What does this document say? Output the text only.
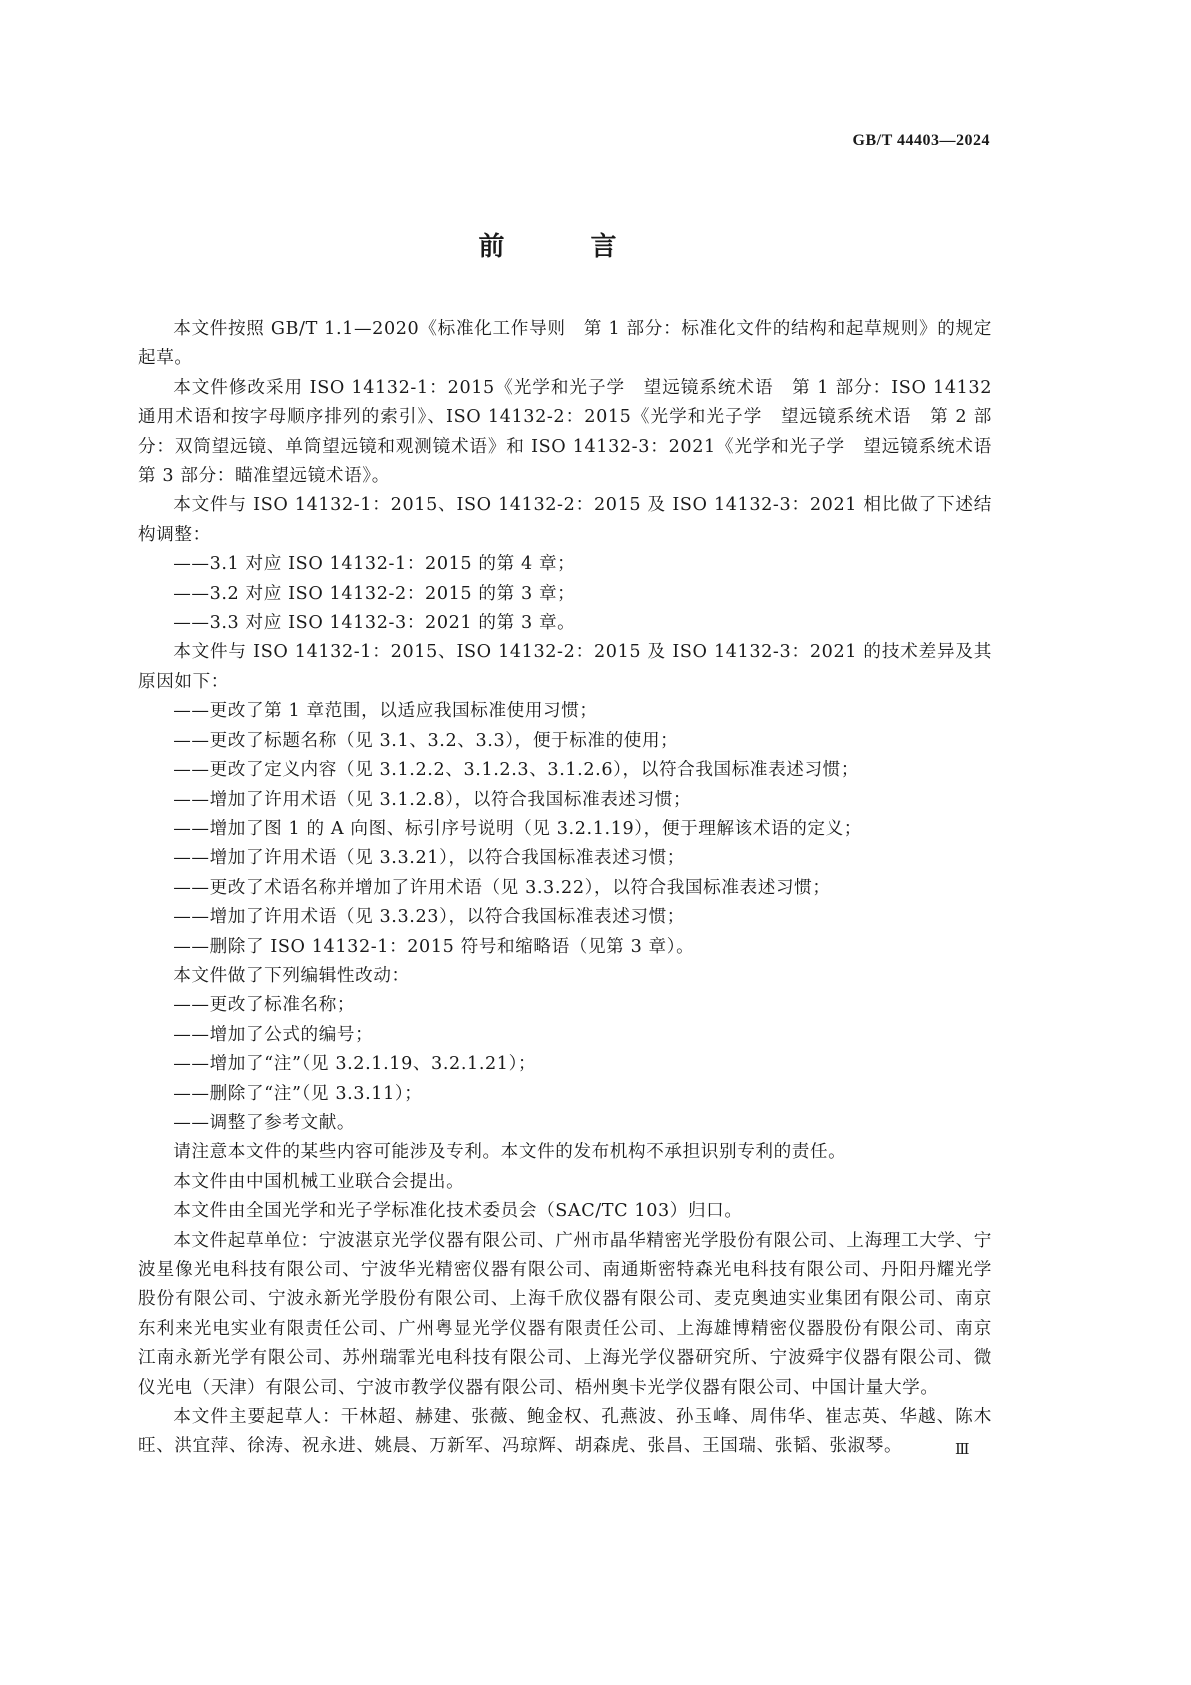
GB/T 44403—2024
前　言

本文件按照 GB/T 1.1—2020《标准化工作导则　第 1 部分：标准化文件的结构和起草规则》的规定起草。

本文件修改采用 ISO 14132-1：2015《光学和光子学　望远镜系统术语　第 1 部分：ISO 14132 通用术语和按字母顺序排列的索引》、ISO 14132-2：2015《光学和光子学　望远镜系统术语　第 2 部分：双筒望远镜、单筒望远镜和观测镜术语》和 ISO 14132-3：2021《光学和光子学　望远镜系统术语　第 3 部分：瞄准望远镜术语》。

本文件与 ISO 14132-1：2015、ISO 14132-2：2015 及 ISO 14132-3：2021 相比做了下述结构调整：

——3.1 对应 ISO 14132-1：2015 的第 4 章；

——3.2 对应 ISO 14132-2：2015 的第 3 章；

——3.3 对应 ISO 14132-3：2021 的第 3 章。

本文件与 ISO 14132-1：2015、ISO 14132-2：2015 及 ISO 14132-3：2021 的技术差异及其原因如下：

——更改了第 1 章范围，以适应我国标准使用习惯；

——更改了标题名称（见 3.1、3.2、3.3），便于标准的使用；

——更改了定义内容（见 3.1.2.2、3.1.2.3、3.1.2.6），以符合我国标准表述习惯；

——增加了许用术语（见 3.1.2.8），以符合我国标准表述习惯；

——增加了图 1 的 A 向图、标引序号说明（见 3.2.1.19），便于理解该术语的定义；

——增加了许用术语（见 3.3.21），以符合我国标准表述习惯；

——更改了术语名称并增加了许用术语（见 3.3.22），以符合我国标准表述习惯；

——增加了许用术语（见 3.3.23），以符合我国标准表述习惯；

——删除了 ISO 14132-1：2015 符号和缩略语（见第 3 章）。

本文件做了下列编辑性改动：

——更改了标准名称；

——增加了公式的编号；

——增加了“注”（见 3.2.1.19、3.2.1.21）；

——删除了“注”（见 3.3.11）；

——调整了参考文献。

请注意本文件的某些内容可能涉及专利。本文件的发布机构不承担识别专利的责任。

本文件由中国机械工业联合会提出。

本文件由全国光学和光子学标准化技术委员会（SAC/TC 103）归口。

本文件起草单位：宁波湛京光学仪器有限公司、广州市晶华精密光学股份有限公司、上海理工大学、宁波星像光电科技有限公司、宁波华光精密仪器有限公司、南通斯密特森光电科技有限公司、丹阳丹耀光学股份有限公司、宁波永新光学股份有限公司、上海千欣仪器有限公司、麦克奥迪实业集团有限公司、南京东利来光电实业有限责任公司、广州粤显光学仪器有限责任公司、上海雄博精密仪器股份有限公司、南京江南永新光学有限公司、苏州瑞霏光电科技有限公司、上海光学仪器研究所、宁波舜宇仪器有限公司、微仪光电（天津）有限公司、宁波市教学仪器有限公司、梧州奥卡光学仪器有限公司、中国计量大学。

本文件主要起草人：干林超、赫建、张薇、鲍金权、孔燕波、孙玉峰、周伟华、崔志英、华越、陈木旺、洪宜萍、徐涛、祝永进、姚晨、万新军、冯琼辉、胡森虎、张昌、王国瑞、张韬、张淑琴。	Ⅲ
